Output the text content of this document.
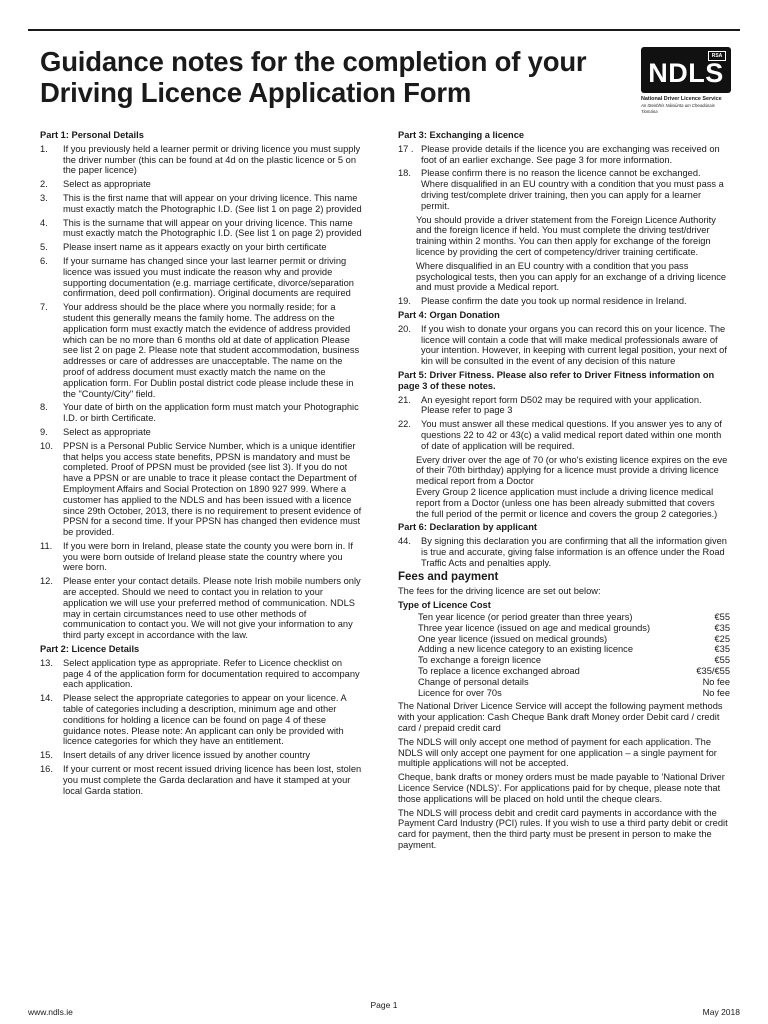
Guidance notes for the completion of your
Driving Licence Application Form
NDLS
RSA
National Driver Licence Service
An tSeirbhís Náisiúnta um Cheadúnais Tiomána
Part 1: Personal Details
1.	If you previously held a learner permit or driving licence you must supply the driver number (this can be found at 4d on the plastic licence or 5 on the paper licence)
2.	Select as appropriate
3.	This is the first name that will appear on your driving licence. This name must exactly match the Photographic I.D. (See list 1 on page 2) provided
4.	This is the surname that will appear on your driving licence. This name must exactly match the Photographic I.D. (See list 1 on page 2) provided
5.	Please insert name as it appears exactly on your birth certificate
6.	If your surname has changed since your last learner permit or driving licence was issued you must indicate the reason why and provide supporting documentation (e.g. marriage certificate, divorce/separation confirmation, deed poll confirmation). Original documents are required
7.	Your address should be the place where you normally reside; for a student this generally means the family home. The address on the application form must exactly match the evidence of address provided which can be no more than 6 months old at date of application Please see list 2 on page 2. Please note that student accommodation, business addresses or care of addresses are unacceptable. The name on the proof of address document must exactly match the name on the application form. For Dublin postal district code please include these in the "County/City" field.
8.	Your date of birth on the application form must match your Photographic I.D. or birth Certificate.
9.	Select as appropriate
10.	PPSN is a Personal Public Service Number, which is a unique identifier that helps you access state benefits, PPSN is mandatory and must be completed. Proof of PPSN must be provided (see list 3). If you do not have a PPSN or are unable to trace it please contact the Department of Employment Affairs and Social Protection on 1890 927 999. Where a customer has applied to the NDLS and has been issued with a licence since 29th October, 2013, there is no requirement to present evidence of PPSN for a second time. If your PPSN has changed then evidence must be provided.
11.	If you were born in Ireland, please state the county you were born in. If you were born outside of Ireland please state the country where you were born.
12.	Please enter your contact details. Please note Irish mobile numbers only are accepted. Should we need to contact you in relation to your application we will use your preferred method of communication. NDLS may in certain circumstances need to use other methods of communication to contact you. We will not give your information to any third party except in accordance with the law.
Part 2: Licence Details
13.	Select application type as appropriate. Refer to Licence checklist on page 4 of the application form for documentation required to accompany each application.
14.	Please select the appropriate categories to appear on your licence. A table of categories including a description, minimum age and other conditions for holding a licence can be found on page 4 of these guidance notes. Please note: An applicant can only be provided with licence categories for which they have an entitlement.
15.	Insert details of any driver licence issued by another country
16.	If your current or most recent issued driving licence has been lost, stolen you must complete the Garda declaration and have it stamped at your local Garda station.
Part 3: Exchanging a licence
17 . Please provide details if the licence you are exchanging was received on foot of an earlier exchange. See page 3 for more information.
18.	Please confirm there is no reason the licence cannot be exchanged. Where disqualified in an EU country with a condition that you must pass a driving test/complete driver training, then you can apply for a learner permit.
You should provide a driver statement from the Foreign Licence Authority and the foreign licence if held. You must complete the driving test/driver training within 2 months. You can then apply for exchange of the foreign licence by providing the cert of competency/driver training certificate.
Where disqualified in an EU country with a condition that you pass psychological tests, then you can apply for an exchange of a driving licence and must provide a Medical report.
19.	Please confirm the date you took up normal residence in Ireland.
Part 4: Organ Donation
20.	If you wish to donate your organs you can record this on your licence. The licence will contain a code that will make medical professionals aware of your intention. However, in keeping with current legal position, your next of kin will be consulted in the event of any decision of this nature
Part 5: Driver Fitness. Please also refer to Driver Fitness information on page 3 of these notes.
21.	An eyesight report form D502 may be required with your application. Please refer to page 3
22.	You must answer all these medical questions. If you answer yes to any of questions 22 to 42 or 43(c) a valid medical report dated within one month of date of application will be required.
Every driver over the age of 70 (or who's existing licence expires on the eve of their 70th birthday) applying for a licence must provide a driving licence medical report from a Doctor
Every Group 2 licence application must include a driving licence medical report from a Doctor (unless one has been already submitted that covers the full period of the permit or licence and covers the group 2 categories.)
Part 6: Declaration by applicant
44.	By signing this declaration you are confirming that all the information given is true and accurate, giving false information is an offence under the Road Traffic Acts and penalties apply.
Fees and payment
The fees for the driving licence are set out below:
Type of Licence Cost
Ten year licence (or period greater than three years)	€55
Three year licence (issued on age and medical grounds)	€35
One year licence (issued on medical grounds)	€25
Adding a new licence category to an existing licence	€35
To exchange a foreign licence	€55
To replace a licence exchanged abroad	€35/€55
Change of personal details	No fee
Licence for over 70s	No fee
The National Driver Licence Service will accept the following payment methods with your application: Cash Cheque Bank draft Money order Debit card / credit card / prepaid credit card
The NDLS will only accept one method of payment for each application. The NDLS will only accept one payment for one application – a single payment for multiple applications will not be accepted.
Cheque, bank drafts or money orders must be made payable to 'National Driver Licence Service (NDLS)'. For applications paid for by cheque, please note that those applications will be placed on hold until the cheque clears.
The NDLS will process debit and credit card payments in accordance with the Payment Card Industry (PCI) rules. If you wish to use a third party debit or credit card for payment, then the third party must be present in person to make the payment.
www.ndls.ie
Page 1
May 2018
